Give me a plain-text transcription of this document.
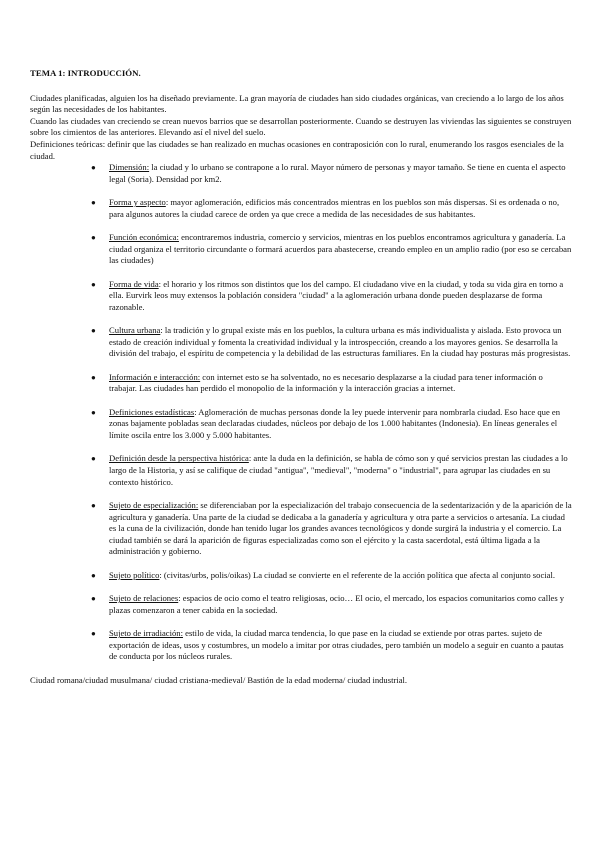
TEMA 1: INTRODUCCIÓN.

Ciudades planificadas, alguien los ha diseñado previamente. La gran mayoría de ciudades han sido ciudades orgánicas, van creciendo a lo largo de los años según las necesidades de los habitantes.

Cuando las ciudades van creciendo se crean nuevos barrios que se desarrollan posteriormente. Cuando se destruyen las viviendas las siguientes se construyen sobre los cimientos de las anteriores. Elevando así el nivel del suelo.

Definiciones teóricas: definir que las ciudades se han realizado en muchas ocasiones en contraposición con lo rural, enumerando los rasgos esenciales de la ciudad.

● Dimensión: la ciudad y lo urbano se contrapone a lo rural. Mayor número de personas y mayor tamaño. Se tiene en cuenta el aspecto legal (Soria). Densidad por km2.
● Forma y aspecto: mayor aglomeración, edificios más concentrados mientras en los pueblos son más dispersas. Si es ordenada o no, para algunos autores la ciudad carece de orden ya que crece a medida de las necesidades de sus habitantes.
● Función económica: encontraremos industria, comercio y servicios, mientras en los pueblos encontramos agricultura y ganadería. La ciudad organiza el territorio circundante o formará acuerdos para abastecerse, creando empleo en un amplio radio (por eso se cercaban las ciudades)
● Forma de vida: el horario y los ritmos son distintos que los del campo. El ciudadano vive en la ciudad, y toda su vida gira en torno a ella. Eurvirk leos muy extensos la población considera "ciudad" a la aglomeración urbana donde pueden desplazarse de forma razonable.
● Cultura urbana: la tradición y lo grupal existe más en los pueblos, la cultura urbana es más individualista y aislada. Esto provoca un estado de creación individual y fomenta la creatividad individual y la introspección, creando a los mayores genios. Se desarrolla la división del trabajo, el espíritu de competencia y la debilidad de las estructuras familiares. En la ciudad hay posturas más progresistas.
● Información e interacción: con internet esto se ha solventado, no es necesario desplazarse a la ciudad para tener información o trabajar. Las ciudades han perdido el monopolio de la información y la interacción gracias a internet.
● Definiciones estadísticas: Aglomeración de muchas personas donde la ley puede intervenir para nombrarla ciudad. Eso hace que en zonas bajamente pobladas sean declaradas ciudades, núcleos por debajo de los 1.000 habitantes (Indonesia). En líneas generales el límite oscila entre los 3.000 y 5.000 habitantes.
● Definición desde la perspectiva histórica: ante la duda en la definición, se habla de cómo son y qué servicios prestan las ciudades a lo largo de la Historia, y así se califique de ciudad "antigua", "medieval", "moderna" o "industrial", para agrupar las ciudades en su contexto histórico.
● Sujeto de especialización: se diferenciaban por la especialización del trabajo consecuencia de la sedentarización y de la aparición de la agricultura y ganadería. Una parte de la ciudad se dedicaba a la ganadería y agricultura y otra parte a servicios o artesanía. La ciudad es la cuna de la civilización, donde han tenido lugar los grandes avances tecnológicos y donde surgirá la industria y el comercio. La ciudad también se dará la aparición de figuras especializadas como son el ejército y la casta sacerdotal, está última ligada a la administración y gobierno.
● Sujeto político: (civitas/urbs, polis/oikas) La ciudad se convierte en el referente de la acción política que afecta al conjunto social.
● Sujeto de relaciones: espacios de ocio como el teatro religiosas, ocio… El ocio, el mercado, los espacios comunitarios como calles y plazas comenzaron a tener cabida en la sociedad.
● Sujeto de irradiación: estilo de vida, la ciudad marca tendencia, lo que pase en la ciudad se extiende por otras partes. sujeto de exportación de ideas, usos y costumbres, un modelo a imitar por otras ciudades, pero también un modelo a seguir en cuanto a pautas de conducta por los núcleos rurales.

Ciudad romana/ciudad musulmana/ ciudad cristiana-medieval/ Bastión de la edad moderna/ ciudad industrial.
